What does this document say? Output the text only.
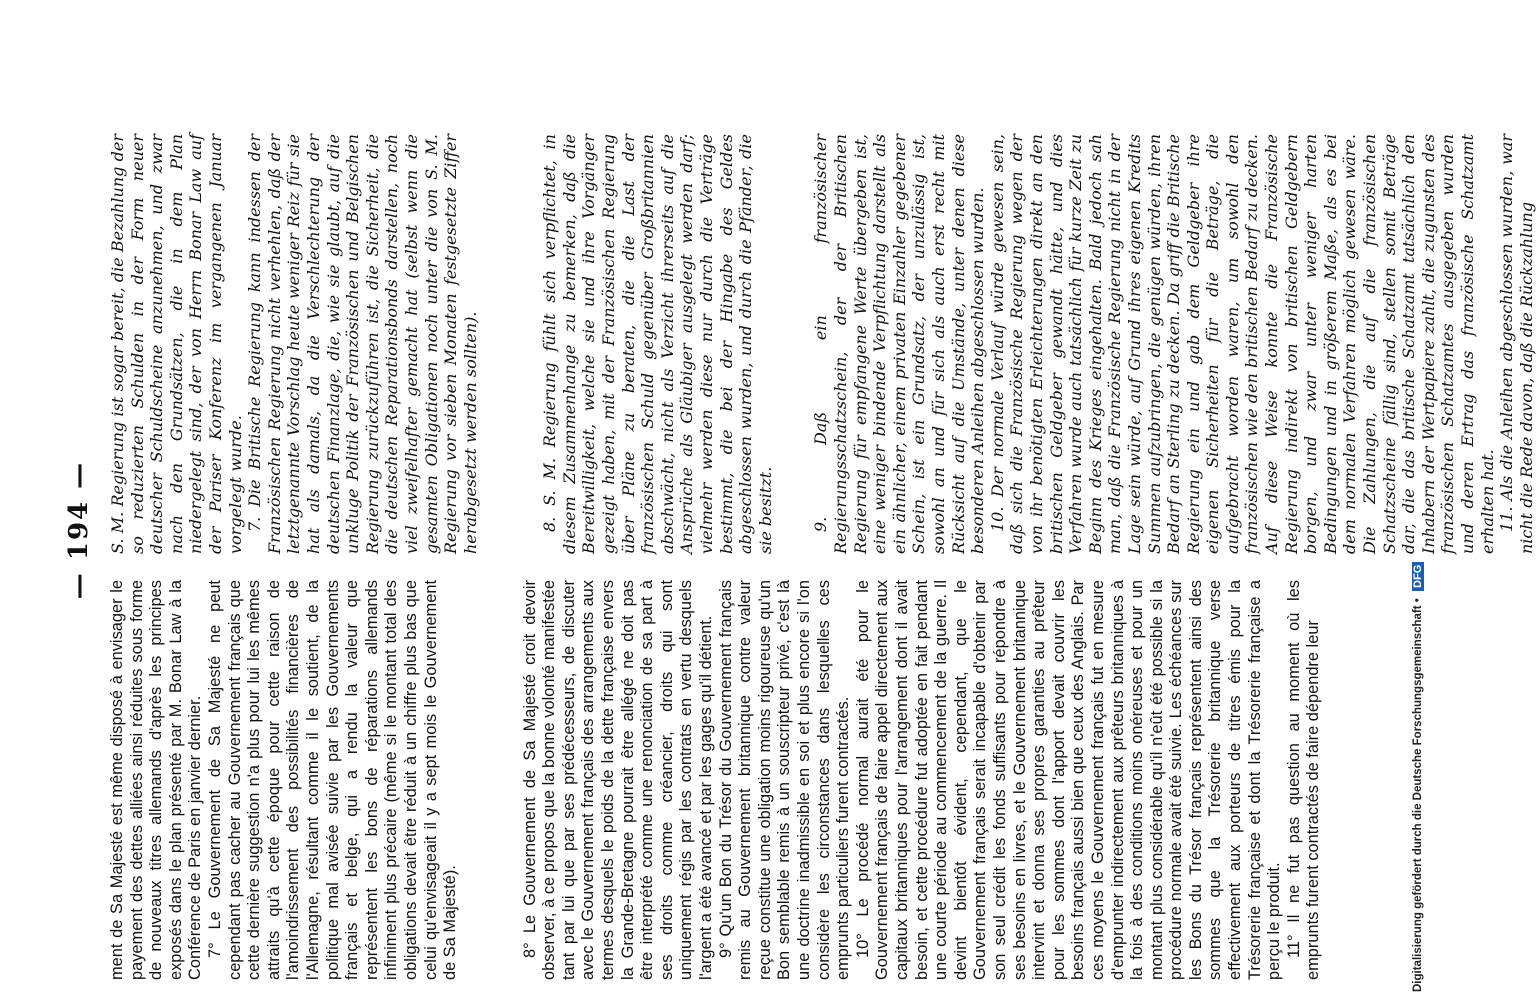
— 194 —

ment de Sa Majesté est même disposé à envisager le payement des dettes alliées ainsi réduites sous forme de nouveaux titres allemands d'après les principes exposés dans le plan présenté par M. Bonar Law à la Conférence de Paris en janvier dernier. 7° Le Gouvernement de Sa Majesté ne peut cependant pas cacher au Gouvernement français que cette dernière suggestion n'a plus pour lui les mêmes attraits qu'à cette époque pour cette raison de l'amoindrissement des possibilités financières de l'Allemagne, résultant comme il le soutient, de la politique mal avisée suivie par les Gouvernements français et belge, qui a rendu la valeur que représentent les bons de réparations allemands infiniment plus précaire (même si le montant total des obligations devait être réduit à un chiffre plus bas que celui qu'envisageait il y a sept mois le Gouvernement de Sa Majesté).	8° Le Gouvernement de Sa Majesté croit devoir observer, à ce propos que la bonne volonté manifestée tant par lui que par ses prédécesseurs, de discuter avec le Gouvernement français des arrangements aux termes desquels le poids de la dette française envers la Grande-Bretagne pourrait être allégé ne doit pas être interprété comme une renonciation de sa part à ses droits comme créancier, droits qui sont uniquement régis par les contrats en vertu desquels l'argent a été avancé et par les gages qu'il détient. 9° Qu'un Bon du Trésor du Gouvernement français remis au Gouvernement britannique contre valeur reçue constitue une obligation moins rigoureuse qu'un Bon semblable remis à un souscripteur privé, c'est là une doctrine inadmissible en soi et plus encore si l'on considère les circonstances dans lesquelles ces emprunts particuliers furent contractés. 10° Le procédé normal aurait été pour le Gouvernement français de faire appel directement aux capitaux britanniques pour l'arrangement dont il avait besoin, et cette procédure fut adoptée en fait pendant une courte période au commencement de la guerre. Il devint bientôt évident, cependant, que le Gouvernement français serait incapable d'obtenir par son seul crédit les fonds suffisants pour répondre à ses besoins en livres, et le Gouvernement britannique intervint et donna ses propres garanties au prêteur pour les sommes dont l'apport devait couvrir les besoins français aussi bien que ceux des Anglais. Par ces moyens le Gouvernement français fut en mesure d'emprunter indirectement aux prêteurs britanniques à la fois à des conditions moins onéreuses et pour un montant plus considérable qu'il n'eût été possible si la procédure normale avait été suivie. Les échéances sur les Bons du Trésor français représentent ainsi des sommes que la Trésorerie britannique verse effectivement aux porteurs de titres émis pour la Trésorerie française et dont la Trésorerie française a perçu le produit. 11° Il ne fut pas question au moment où les emprunts furent contractés de faire dépendre leur

S. M. Regierung ist sogar bereit, die Bezahlung der so reduzierten Schulden in der Form neuer deutscher Schuldscheine anzunehmen, und zwar nach den Grundsätzen, die in dem Plan niedergelegt sind, der von Herrn Bonar Law auf der Pariser Konferenz im vergangenen Januar vorgelegt wurde. 7. Die Britische Regierung kann indessen der Französischen Regierung nicht verhehlen, daß der letztgenannte Vorschlag heute weniger Reiz für sie hat als damals, da die Verschlechterung der deutschen Finanzlage, die, wie sie glaubt, auf die unkluge Politik der Französischen und Belgischen Regierung zurückzuführen ist, die Sicherheit, die die deutschen Reparationsbonds darstellen, noch viel zweifelhafter gemacht hat (selbst wenn die gesamten Obligationen noch unter die von S. M. Regierung vor sieben Monaten festgesetzte Ziffer herabgesetzt werden sollten).	8. S. M. Regierung fühlt sich verpflichtet, in diesem Zusammenhange zu bemerken, daß die Bereitwilligkeit, welche sie und ihre Vorgänger gezeigt haben, mit der Französischen Regierung über Pläne zu beraten, die die Last der französischen Schuld gegenüber Großbritannien abschwächt, nicht als Verzicht ihrerseits auf die Ansprüche als Gläubiger ausgelegt werden darf; vielmehr werden diese nur durch die Verträge bestimmt, die bei der Hingabe des Geldes abgeschlossen wurden, und durch die Pfänder, die sie besitzt. 9. Daß ein französischer Regierungsschatzschein, der der Britischen Regierung für empfangene Werte übergeben ist, eine weniger bindende Verpflichtung darstellt als ein ähnlicher, einem privaten Einzahler gegebener Schein, ist ein Grundsatz, der unzulässig ist, sowohl an und für sich als auch erst recht mit Rücksicht auf die Umstände, unter denen diese besonderen Anleihen abgeschlossen wurden. 10. Der normale Verlauf würde gewesen sein, daß sich die Französische Regierung wegen der von ihr benötigten Erleichterungen direkt an den britischen Geldgeber gewandt hätte, und dies Verfahren wurde auch tatsächlich für kurze Zeit zu Beginn des Krieges eingehalten. Bald jedoch sah man, daß die Französische Regierung nicht in der Lage sein würde, auf Grund ihres eigenen Kredits Summen aufzubringen, die genügen würden, ihren Bedarf an Sterling zu decken. Da griff die Britische Regierung ein und gab dem Geldgeber ihre eigenen Sicherheiten für die Beträge, die aufgebracht worden waren, um sowohl den französischen wie den britischen Bedarf zu decken. Auf diese Weise konnte die Französische Regierung indirekt von britischen Geldgebern borgen, und zwar unter weniger harten Bedingungen und in größerem Maße, als es bei dem normalen Verfahren möglich gewesen wäre. Die Zahlungen, die auf die französischen Schatzscheine fällig sind, stellen somit Beträge dar, die das britische Schatzamt tatsächlich den Inhabern der Wertpapiere zahlt, die zugunsten des französischen Schatzamtes ausgegeben wurden und deren Ertrag das französische Schatzamt erhalten hat. 11. Als die Anleihen abgeschlossen wurden, war nicht die Rede davon, daß die Rückzahlung

Digitalisierung gefördert durch die Deutsche Forschungsgemeinschaft • DFG
